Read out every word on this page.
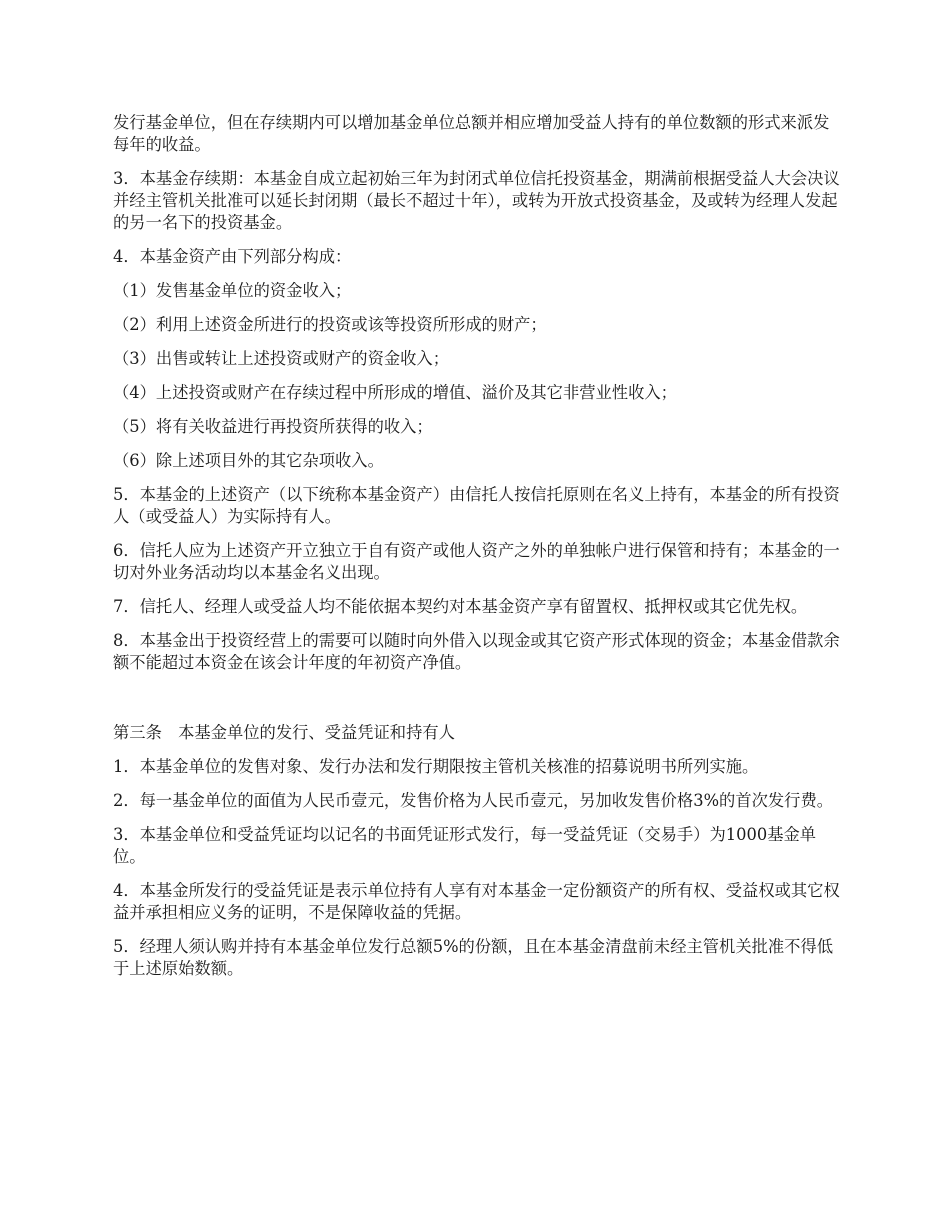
发行基金单位，但在存续期内可以增加基金单位总额并相应增加受益人持有的单位数额的形式来派发每年的收益。

3．本基金存续期：本基金自成立起初始三年为封闭式单位信托投资基金，期满前根据受益人大会决议并经主管机关批准可以延长封闭期（最长不超过十年），或转为开放式投资基金，及或转为经理人发起的另一名下的投资基金。

4．本基金资产由下列部分构成：

（1）发售基金单位的资金收入；

（2）利用上述资金所进行的投资或该等投资所形成的财产；

（3）出售或转让上述投资或财产的资金收入；

（4）上述投资或财产在存续过程中所形成的增值、溢价及其它非营业性收入；

（5）将有关收益进行再投资所获得的收入；

（6）除上述项目外的其它杂项收入。

5．本基金的上述资产（以下统称本基金资产）由信托人按信托原则在名义上持有，本基金的所有投资人（或受益人）为实际持有人。

6．信托人应为上述资产开立独立于自有资产或他人资产之外的单独帐户进行保管和持有；本基金的一切对外业务活动均以本基金名义出现。

7．信托人、经理人或受益人均不能依据本契约对本基金资产享有留置权、抵押权或其它优先权。

8．本基金出于投资经营上的需要可以随时向外借入以现金或其它资产形式体现的资金；本基金借款余额不能超过本资金在该会计年度的年初资产净值。

第三条　本基金单位的发行、受益凭证和持有人

1．本基金单位的发售对象、发行办法和发行期限按主管机关核准的招募说明书所列实施。

2．每一基金单位的面值为人民币壹元，发售价格为人民币壹元，另加收发售价格3%的首次发行费。

3．本基金单位和受益凭证均以记名的书面凭证形式发行，每一受益凭证（交易手）为1000基金单位。

4．本基金所发行的受益凭证是表示单位持有人享有对本基金一定份额资产的所有权、受益权或其它权益并承担相应义务的证明，不是保障收益的凭据。

5．经理人须认购并持有本基金单位发行总额5%的份额，且在本基金清盘前未经主管机关批准不得低于上述原始数额。
